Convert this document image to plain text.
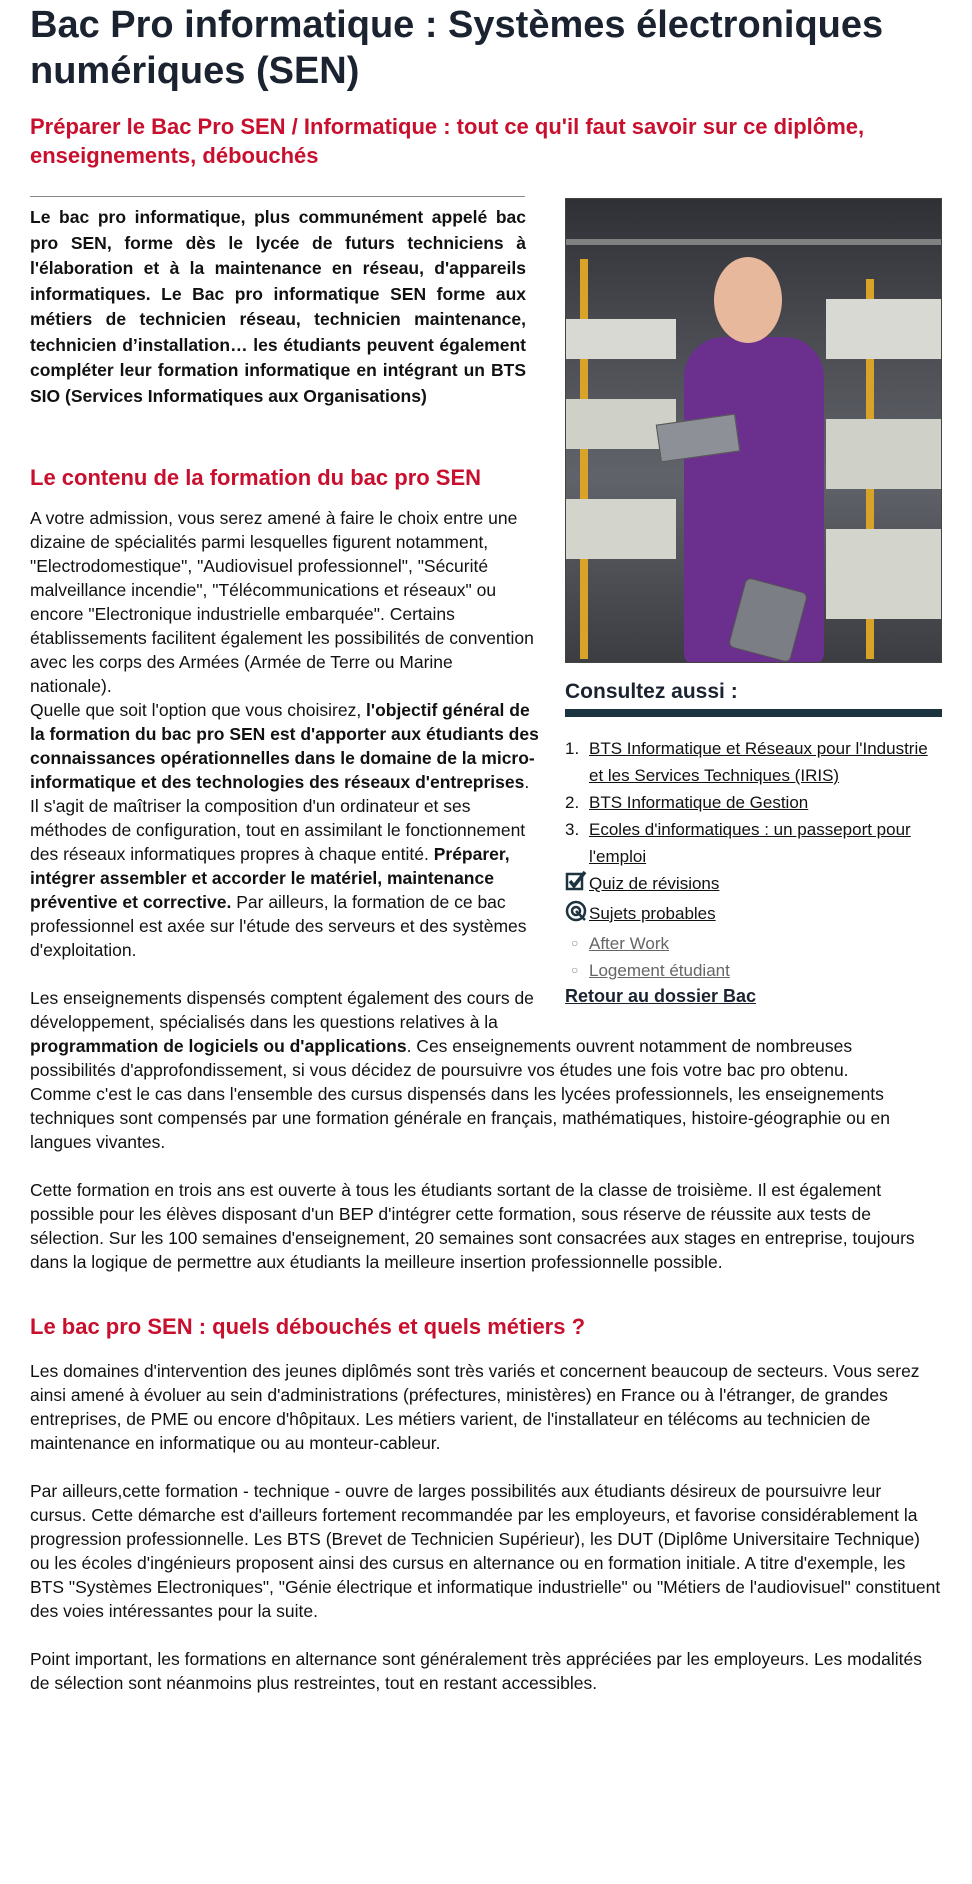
Bac Pro informatique : Systèmes électroniques numériques (SEN)
Préparer le Bac Pro SEN / Informatique : tout ce qu'il faut savoir sur ce diplôme, enseignements, débouchés
Consultez aussi :
1. BTS Informatique et Réseaux pour l'Industrie et les Services Techniques (IRIS)
2. BTS Informatique de Gestion
3. Ecoles d'informatiques : un passeport pour l'emploi
Quiz de révisions
Sujets probables
○ After Work
○ Logement étudiant
Retour au dossier Bac

Le bac pro informatique, plus communément appelé bac pro SEN, forme dès le lycée de futurs techniciens à l'élaboration et à la maintenance en réseau, d'appareils informatiques. Le Bac pro informatique SEN forme aux métiers de technicien réseau, technicien maintenance, technicien d’installation… les étudiants peuvent également compléter leur formation informatique en intégrant un BTS SIO (Services Informatiques aux Organisations)

Le contenu de la formation du bac pro SEN

A votre admission, vous serez amené à faire le choix entre une dizaine de spécialités parmi lesquelles figurent notamment, "Electrodomestique", "Audiovisuel professionnel", "Sécurité malveillance incendie", "Télécommunications et réseaux" ou encore "Electronique industrielle embarquée". Certains établissements facilitent également les possibilités de convention avec les corps des Armées (Armée de Terre ou Marine nationale).

Quelle que soit l'option que vous choisirez, l'objectif général de la formation du bac pro SEN est d'apporter aux étudiants des connaissances opérationnelles dans le domaine de la micro-informatique et des technologies des réseaux d'entreprises. Il s'agit de maîtriser la composition d'un ordinateur et ses méthodes de configuration, tout en assimilant le fonctionnement des réseaux informatiques propres à chaque entité. Préparer, intégrer assembler et accorder le matériel, maintenance préventive et corrective. Par ailleurs, la formation de ce bac professionnel est axée sur l'étude des serveurs et des systèmes d'exploitation.

Les enseignements dispensés comptent également des cours de développement, spécialisés dans les questions relatives à la programmation de logiciels ou d'applications. Ces enseignements ouvrent notamment de nombreuses possibilités d'approfondissement, si vous décidez de poursuivre vos études une fois votre bac pro obtenu.

Comme c'est le cas dans l'ensemble des cursus dispensés dans les lycées professionnels, les enseignements techniques sont compensés par une formation générale en français, mathématiques, histoire-géographie ou en langues vivantes.

Cette formation en trois ans est ouverte à tous les étudiants sortant de la classe de troisième. Il est également possible pour les élèves disposant d'un BEP d'intégrer cette formation, sous réserve de réussite aux tests de sélection. Sur les 100 semaines d'enseignement, 20 semaines sont consacrées aux stages en entreprise, toujours dans la logique de permettre aux étudiants la meilleure insertion professionnelle possible.

Le bac pro SEN : quels débouchés et quels métiers ?

Les domaines d'intervention des jeunes diplômés sont très variés et concernent beaucoup de secteurs. Vous serez ainsi amené à évoluer au sein d'administrations (préfectures, ministères) en France ou à l'étranger, de grandes entreprises, de PME ou encore d'hôpitaux. Les métiers varient, de l'installateur en télécoms au technicien de maintenance en informatique ou au monteur-cableur.

Par ailleurs,cette formation - technique - ouvre de larges possibilités aux étudiants désireux de poursuivre leur cursus. Cette démarche est d'ailleurs fortement recommandée par les employeurs, et favorise considérablement la progression professionnelle. Les BTS (Brevet de Technicien Supérieur), les DUT (Diplôme Universitaire Technique) ou les écoles d'ingénieurs proposent ainsi des cursus en alternance ou en formation initiale. A titre d'exemple, les BTS "Systèmes Electroniques", "Génie électrique et informatique industrielle" ou "Métiers de l'audiovisuel" constituent des voies intéressantes pour la suite.

Point important, les formations en alternance sont généralement très appréciées par les employeurs. Les modalités de sélection sont néanmoins plus restreintes, tout en restant accessibles.
